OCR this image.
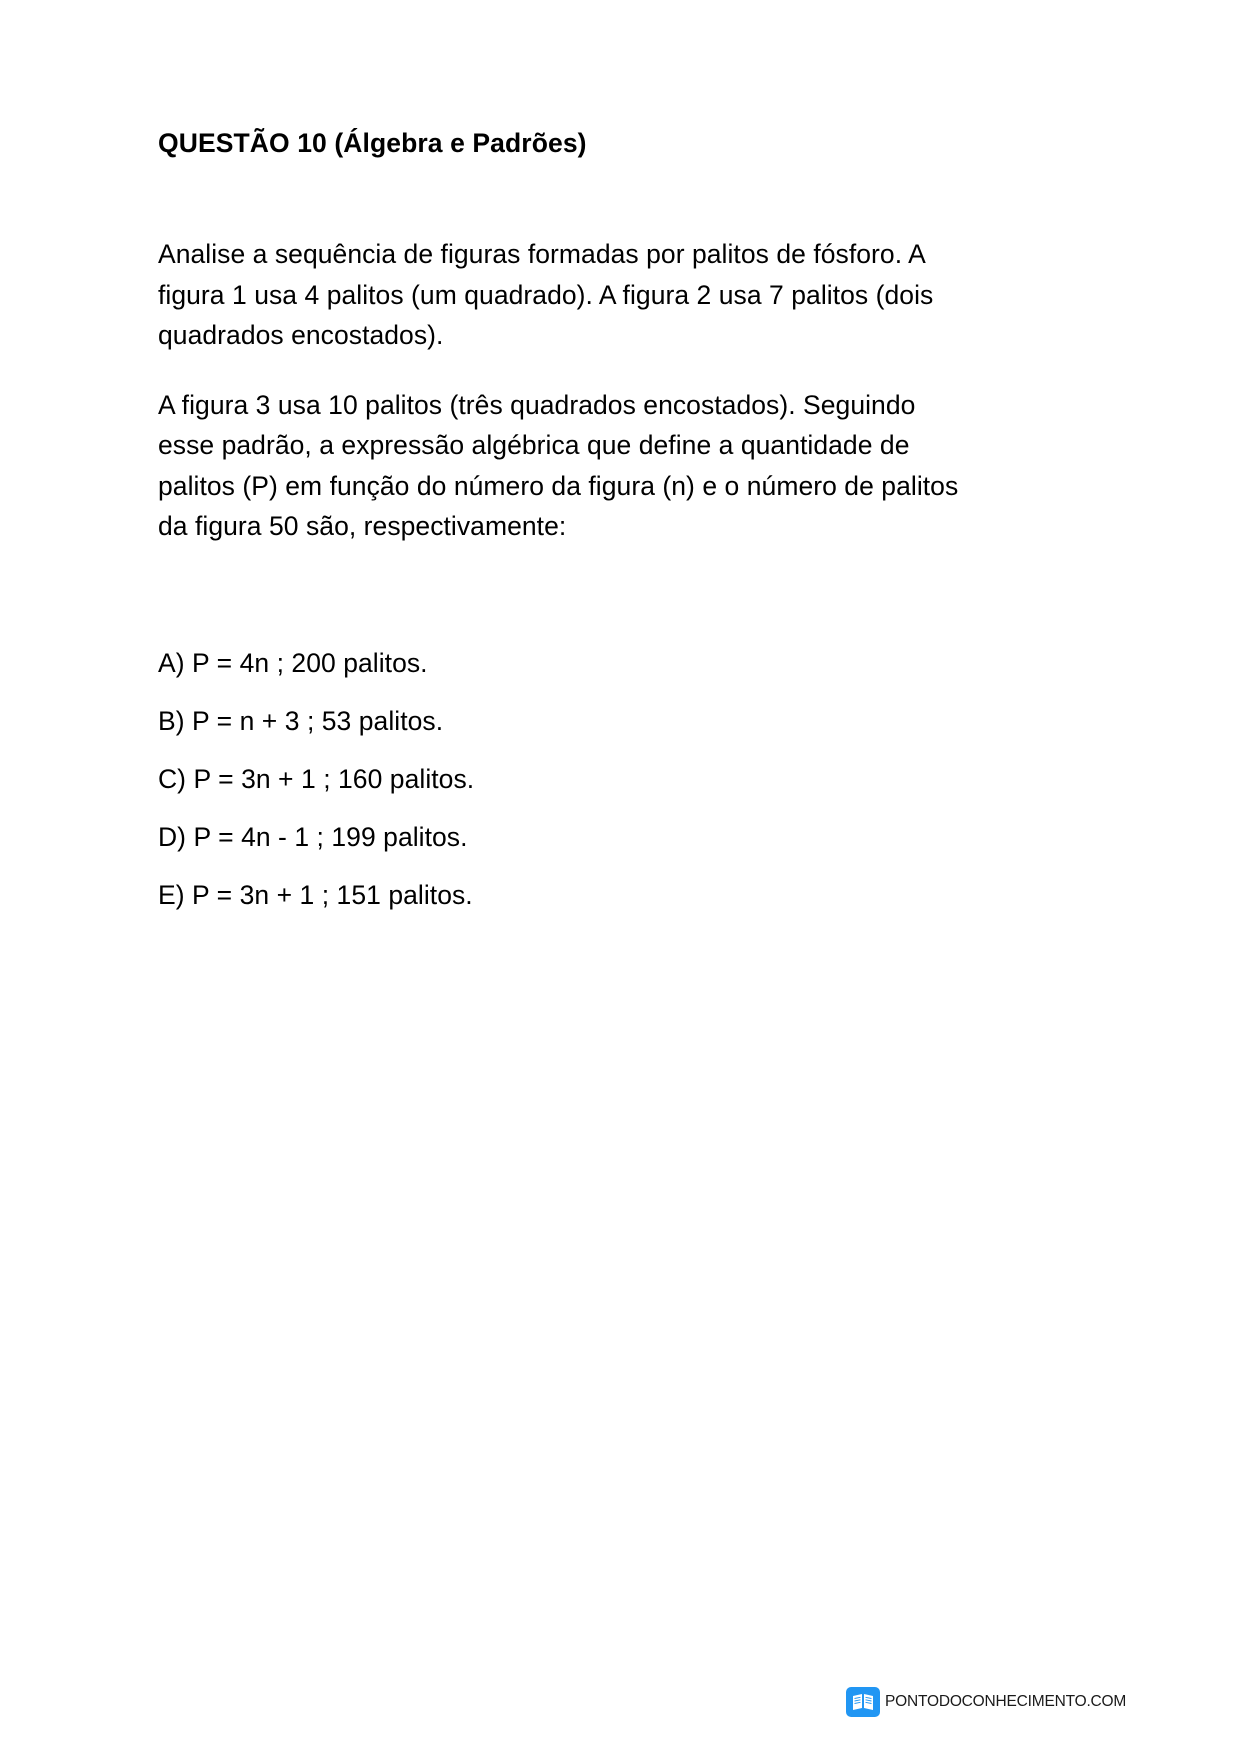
QUESTÃO 10 (Álgebra e Padrões)

Analise a sequência de figuras formadas por palitos de fósforo. A figura 1 usa 4 palitos (um quadrado). A figura 2 usa 7 palitos (dois quadrados encostados).

A figura 3 usa 10 palitos (três quadrados encostados). Seguindo esse padrão, a expressão algébrica que define a quantidade de palitos (P) em função do número da figura (n) e o número de palitos da figura 50 são, respectivamente:

A) P = 4n ; 200 palitos.

B) P = n + 3 ; 53 palitos.

C) P = 3n + 1 ; 160 palitos.

D) P = 4n - 1 ; 199 palitos.

E) P = 3n + 1 ; 151 palitos.

PONTODOCONHECIMENTO.COM
